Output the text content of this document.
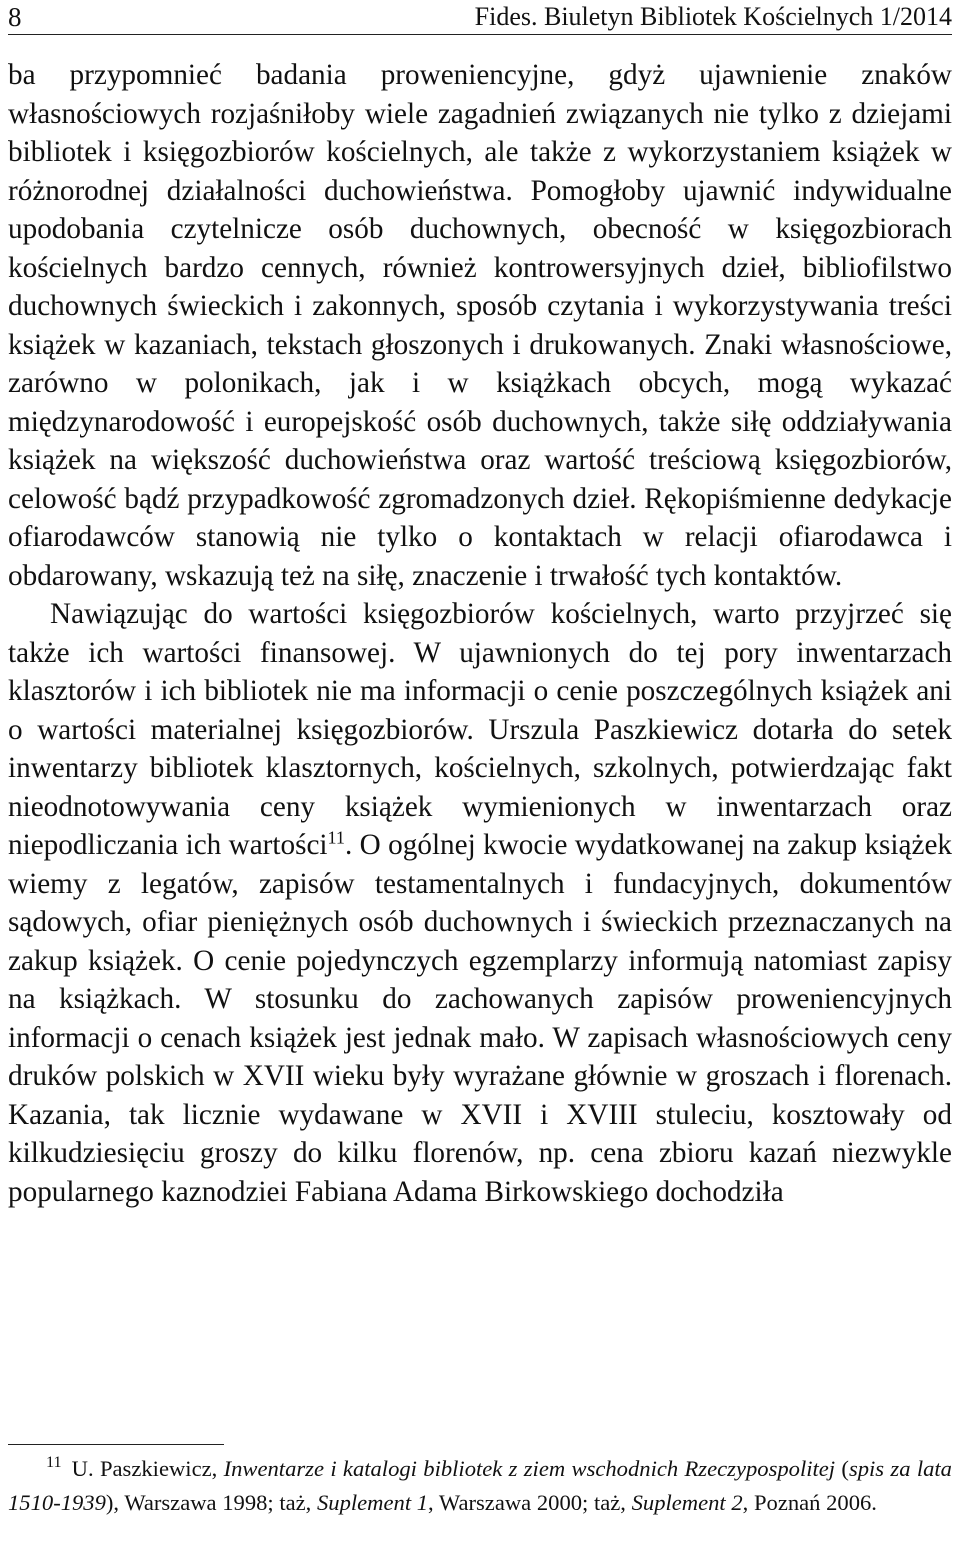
8	Fides. Biuletyn Bibliotek Kościelnych 1/2014

ba przypomnieć badania proweniencyjne, gdyż ujawnienie znaków własnościowych rozjaśniłoby wiele zagadnień związanych nie tylko z dziejami bibliotek i księgozbiorów kościelnych, ale także z wykorzystaniem książek w różnorodnej działalności duchowieństwa. Pomogłoby ujawnić indywidualne upodobania czytelnicze osób duchownych, obecność w księgozbiorach kościelnych bardzo cennych, również kontrowersyjnych dzieł, bibliofilstwo duchownych świeckich i zakonnych, sposób czytania i wykorzystywania treści książek w kazaniach, tekstach głoszonych i drukowanych. Znaki własnościowe, zarówno w polonikach, jak i w książkach obcych, mogą wykazać międzynarodowość i europejskość osób duchownych, także siłę oddziaływania książek na większość duchowieństwa oraz wartość treściową księgozbiorów, celowość bądź przypadkowość zgromadzonych dzieł. Rękopiśmienne dedykacje ofiarodawców stanowią nie tylko o kontaktach w relacji ofiarodawca i obdarowany, wskazują też na siłę, znaczenie i trwałość tych kontaktów.

Nawiązując do wartości księgozbiorów kościelnych, warto przyjrzeć się także ich wartości finansowej. W ujawnionych do tej pory inwentarzach klasztorów i ich bibliotek nie ma informacji o cenie poszczególnych książek ani o wartości materialnej księgozbiorów. Urszula Paszkiewicz dotarła do setek inwentarzy bibliotek klasztornych, kościelnych, szkolnych, potwierdzając fakt nieodnotowywania ceny książek wymienionych w inwentarzach oraz niepodliczania ich wartości$^{11}$. O ogólnej kwocie wydatkowanej na zakup książek wiemy z legatów, zapisów testamentalnych i fundacyjnych, dokumentów sądowych, ofiar pieniężnych osób duchownych i świeckich przeznaczanych na zakup książek. O cenie pojedynczych egzemplarzy informują natomiast zapisy na książkach. W stosunku do zachowanych zapisów proweniencyjnych informacji o cenach książek jest jednak mało. W zapisach własnościowych ceny druków polskich w XVII wieku były wyrażane głównie w groszach i florenach. Kazania, tak licznie wydawane w XVII i XVIII stuleciu, kosztowały od kilkudziesięciu groszy do kilku florenów, np. cena zbioru kazań niezwykle popularnego kaznodziei Fabiana Adama Birkowskiego dochodziła

11 U. Paszkiewicz, Inwentarze i katalogi bibliotek z ziem wschodnich Rzeczypospolitej (spis za lata 1510-1939), Warszawa 1998; taż, Suplement 1, Warszawa 2000; taż, Suplement 2, Poznań 2006.
